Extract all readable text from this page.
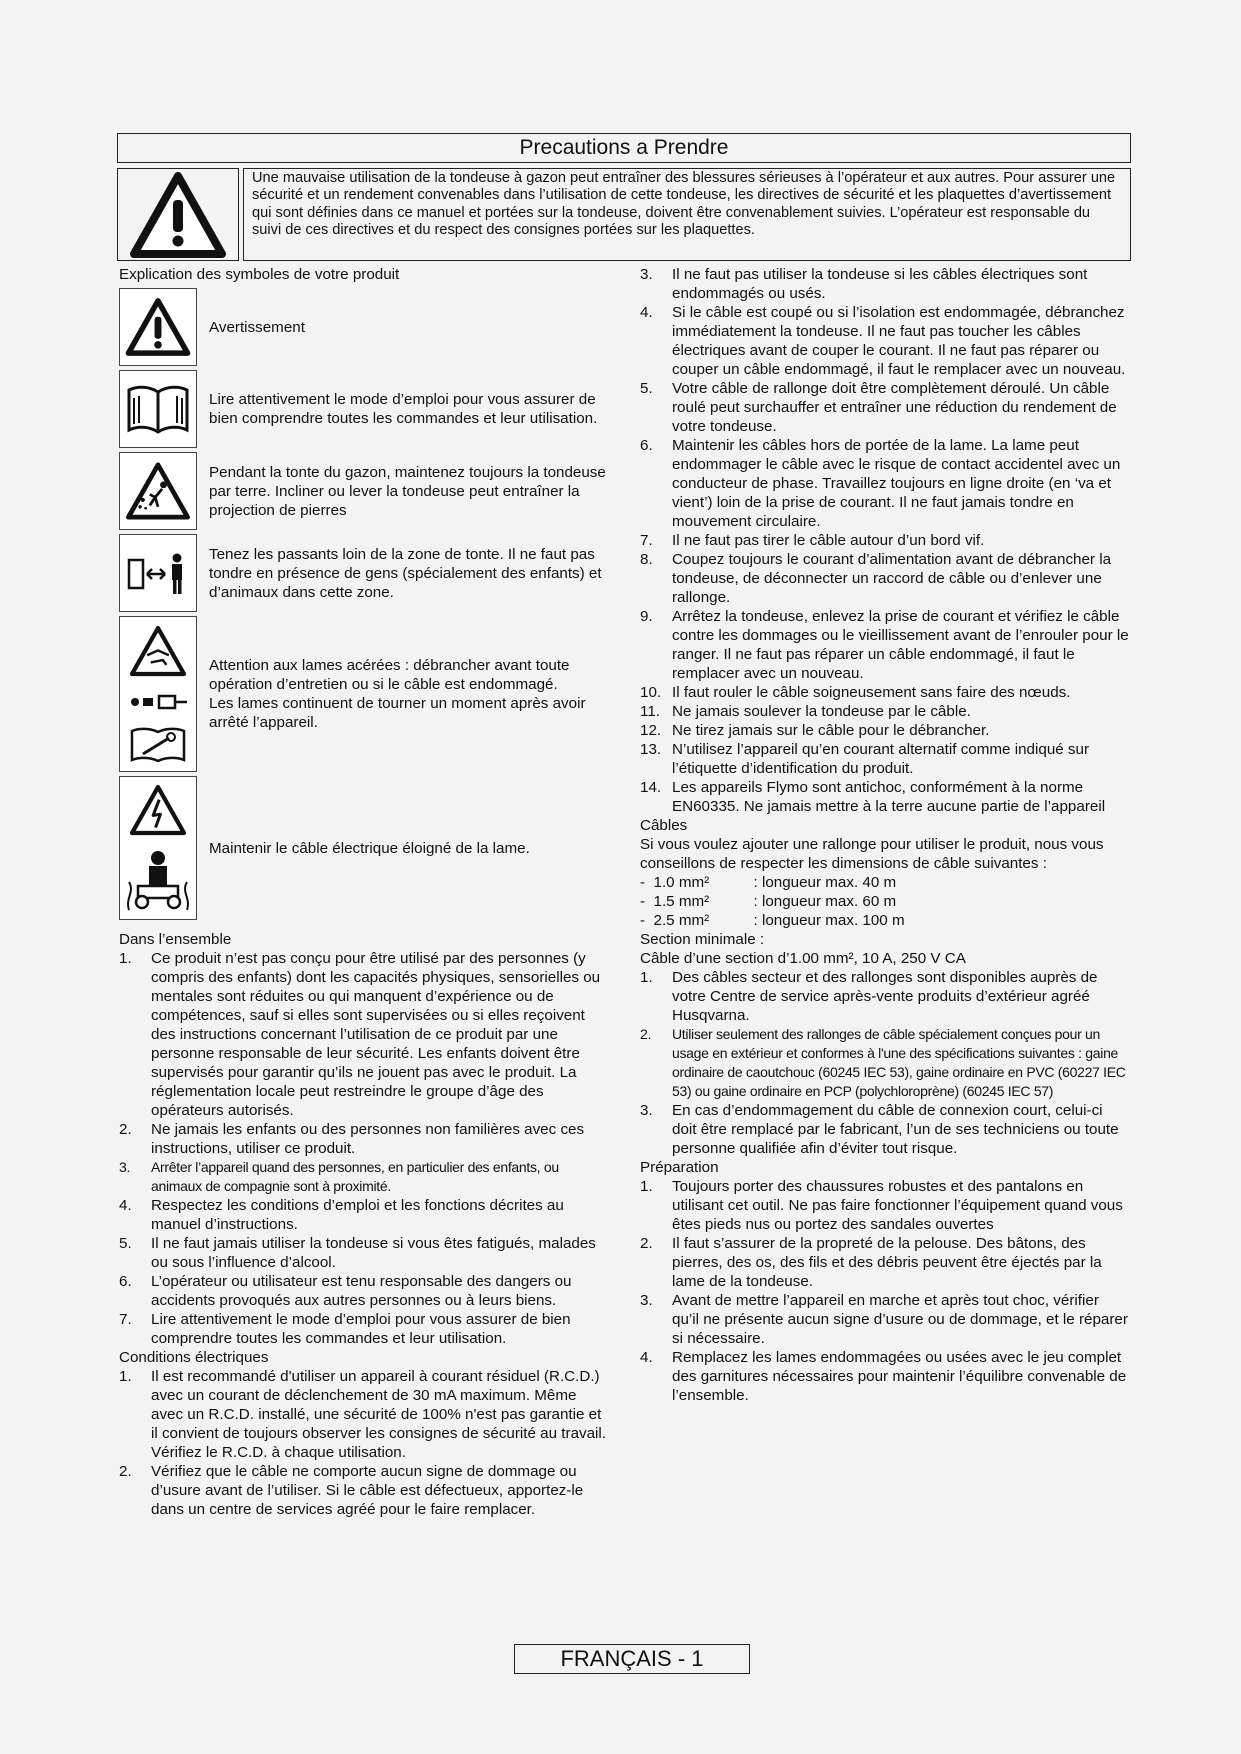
Precautions a Prendre
Une mauvaise utilisation de la tondeuse à gazon peut entraîner des blessures sérieuses à l’opérateur et aux autres. Pour assurer une sécurité et un rendement convenables dans l’utilisation de cette tondeuse, les directives de sécurité et les plaquettes d’avertissement qui sont définies dans ce manuel et portées sur la tondeuse, doivent être convenablement suivies. L’opérateur est responsable du suivi de ces directives et du respect des consignes portées sur les plaquettes.

Explication des symboles de votre produit

Avertissement
Lire attentivement le mode d’emploi pour vous assurer de bien comprendre toutes les commandes et leur utilisation.
Pendant la tonte du gazon, maintenez toujours la tondeuse par terre. Incliner ou lever la tondeuse peut entraîner la projection de pierres
Tenez les passants loin de la zone de tonte. Il ne faut pas tondre en présence de gens (spécialement des enfants) et d’animaux dans cette zone.
Attention aux lames acérées : débrancher avant toute opération d’entretien ou si le câble est endommagé.
Les lames continuent de tourner un moment après avoir arrêté l’appareil.
Maintenir le câble électrique éloigné de la lame.

Dans l’ensemble

1. Ce produit n’est pas conçu pour être utilisé par des personnes (y compris des enfants) dont les capacités physiques, sensorielles ou mentales sont réduites ou qui manquent d’expérience ou de compétences, sauf si elles sont supervisées ou si elles reçoivent des instructions concernant l’utilisation de ce produit par une personne responsable de leur sécurité. Les enfants doivent être supervisés pour garantir qu’ils ne jouent pas avec le produit. La réglementation locale peut restreindre le groupe d’âge des opérateurs autorisés.
2. Ne jamais les enfants ou des personnes non familières avec ces instructions, utiliser ce produit.
3. Arrêter l’appareil quand des personnes, en particulier des enfants, ou animaux de compagnie sont à proximité.
4. Respectez les conditions d’emploi et les fonctions décrites au manuel d’instructions.
5. Il ne faut jamais utiliser la tondeuse si vous êtes fatigués, malades ou sous l’influence d’alcool.
6. L’opérateur ou utilisateur est tenu responsable des dangers ou accidents provoqués aux autres personnes ou à leurs biens.
7. Lire attentivement le mode d’emploi pour vous assurer de bien comprendre toutes les commandes et leur utilisation.

Conditions électriques

1. Il est recommandé d'utiliser un appareil à courant résiduel (R.C.D.) avec un courant de déclenchement de 30 mA maximum. Même avec un R.C.D. installé, une sécurité de 100% n'est pas garantie et il convient de toujours observer les consignes de sécurité au travail. Vérifiez le R.C.D. à chaque utilisation.
2. Vérifiez que le câble ne comporte aucun signe de dommage ou d’usure avant de l’utiliser. Si le câble est défectueux, apportez-le dans un centre de services agréé pour le faire remplacer.
3. Il ne faut pas utiliser la tondeuse si les câbles électriques sont endommagés ou usés.
4. Si le câble est coupé ou si l’isolation est endommagée, débranchez immédiatement la tondeuse. Il ne faut pas toucher les câbles électriques avant de couper le courant. Il ne faut pas réparer ou couper un câble endommagé, il faut le remplacer avec un nouveau.
5. Votre câble de rallonge doit être complètement déroulé. Un câble roulé peut surchauffer et entraîner une réduction du rendement de votre tondeuse.
6. Maintenir les câbles hors de portée de la lame. La lame peut endommager le câble avec le risque de contact accidentel avec un conducteur de phase. Travaillez toujours en ligne droite (en ‘va et vient’) loin de la prise de courant. Il ne faut jamais tondre en mouvement circulaire.
7. Il ne faut pas tirer le câble autour d’un bord vif.
8. Coupez toujours le courant d’alimentation avant de débrancher la tondeuse, de déconnecter un raccord de câble ou d’enlever une rallonge.
9. Arrêtez la tondeuse, enlevez la prise de courant et vérifiez le câble contre les dommages ou le vieillissement avant de l’enrouler pour le ranger. Il ne faut pas réparer un câble endommagé, il faut le remplacer avec un nouveau.
10. Il faut rouler le câble soigneusement sans faire des nœuds.
11. Ne jamais soulever la tondeuse par le câble.
12. Ne tirez jamais sur le câble pour le débrancher.
13. N’utilisez l’appareil qu’en courant alternatif comme indiqué sur l’étiquette d’identification du produit.
14. Les appareils Flymo sont antichoc, conformément à la norme EN60335. Ne jamais mettre à la terre aucune partie de l’appareil

Câbles

Si vous voulez ajouter une rallonge pour utiliser le produit, nous vous conseillons de respecter les dimensions de câble suivantes :
- 1.0 mm²	: longueur max. 40 m
- 1.5 mm²	: longueur max. 60 m
- 2.5 mm²	: longueur max. 100 m

Section minimale :

Câble d’une section d’1.00 mm², 10 A, 250 V CA
1. Des câbles secteur et des rallonges sont disponibles auprès de votre Centre de service après-vente produits d’extérieur agréé Husqvarna.
2. Utiliser seulement des rallonges de câble spécialement conçues pour un usage en extérieur et conformes à l'une des spécifications suivantes : gaine ordinaire de caoutchouc (60245 IEC 53), gaine ordinaire en PVC (60227 IEC 53) ou gaine ordinaire en PCP (polychloroprène) (60245 IEC 57)
3. En cas d’endommagement du câble de connexion court, celui-ci doit être remplacé par le fabricant, l’un de ses techniciens ou toute personne qualifiée afin d’éviter tout risque.

Préparation

1. Toujours porter des chaussures robustes et des pantalons en utilisant cet outil. Ne pas faire fonctionner l’équipement quand vous êtes pieds nus ou portez des sandales ouvertes
2. Il faut s’assurer de la propreté de la pelouse. Des bâtons, des pierres, des os, des fils et des débris peuvent être éjectés par la lame de la tondeuse.
3. Avant de mettre l’appareil en marche et après tout choc, vérifier qu’il ne présente aucun signe d’usure ou de dommage, et le réparer si nécessaire.
4. Remplacez les lames endommagées ou usées avec le jeu complet des garnitures nécessaires pour maintenir l’équilibre convenable de l’ensemble.
FRANÇAIS - 1
